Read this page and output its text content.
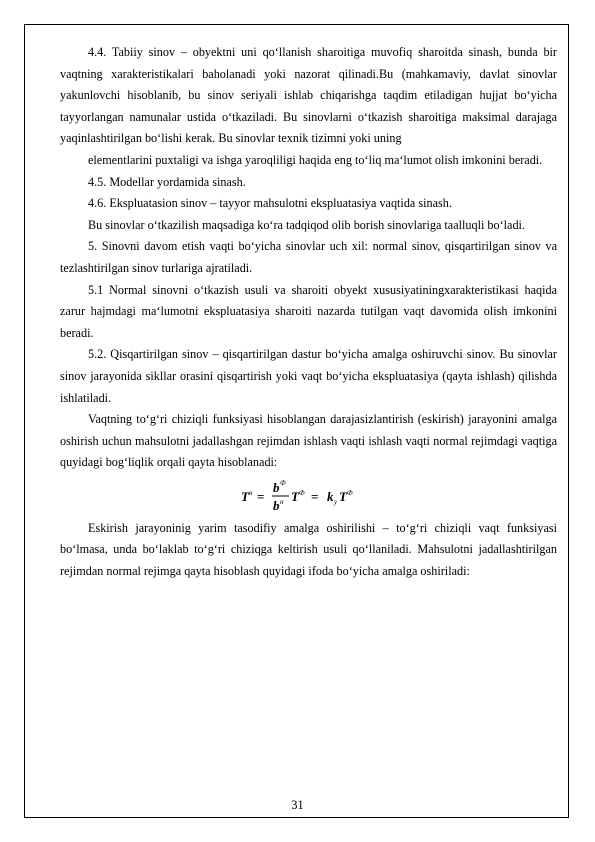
4.4. Tabiiy sinov – obyektni uni qo‘llanish sharoitiga muvofiq sharoitda sinash, bunda bir vaqtning xarakteristikalari baholanadi yoki nazorat qilinadi.Bu (mahkamaviy, davlat sinovlar yakunlovchi hisoblanib, bu sinov seriyali ishlab chiqarishga taqdim etiladigan hujjat bo‘yicha tayyorlangan namunalar ustida o‘tkaziladi. Bu sinovlarni o‘tkazish sharoitiga maksimal darajaga yaqinlashtirilgan bo‘lishi kerak. Bu sinovlar texnik tizimni yoki uning

elementlarini puxtaligi va ishga yaroqliligi haqida eng to‘liq ma‘lumot olish imkonini beradi.

4.5. Modellar yordamida sinash.

4.6. Ekspluatasion sinov – tayyor mahsulotni ekspluatasiya vaqtida sinash.

Bu sinovlar o‘tkazilish maqsadiga ko‘ra tadqiqod olib borish sinovlariga taalluqli bo‘ladi.

5. Sinovni davom etish vaqti bo‘yicha sinovlar uch xil: normal sinov, qisqartirilgan sinov va tezlashtirilgan sinov turlariga ajratiladi.

5.1 Normal sinovni o‘tkazish usuli va sharoiti obyekt xususiyatiningxarakteristikasi haqida zarur hajmdagi ma‘lumotni ekspluatasiya sharoiti nazarda tutilgan vaqt davomida olish imkonini beradi.

5.2. Qisqartirilgan sinov – qisqartirilgan dastur bo‘yicha amalga oshiruvchi sinov. Bu sinovlar sinov jarayonida sikllar orasini qisqartirish yoki vaqt bo‘yicha ekspluatasiya (qayta ishlash) qilishda ishlatiladi.

Vaqtning to‘g‘ri chiziqli funksiyasi hisoblangan darajasizlantirish (eskirish) jarayonini amalga oshirish uchun mahsulotni jadallashgan rejimdan ishlash vaqti ishlash vaqti normal rejimdagi vaqtiga quyidagi bog‘liqlik orqali qayta hisoblanadi:

T н =
b Ф
b н T Ф = k y T Ф

Eskirish jarayoninig yarim tasodifiy amalga oshirilishi – to‘g‘ri chiziqli vaqt funksiyasi bo‘lmasa, unda bo‘laklab to‘g‘ri chiziqga keltirish usuli qo‘llaniladi. Mahsulotni jadallashtirilgan rejimdan normal rejimga qayta hisoblash quyidagi ifoda bo‘yicha amalga oshiriladi:

31
